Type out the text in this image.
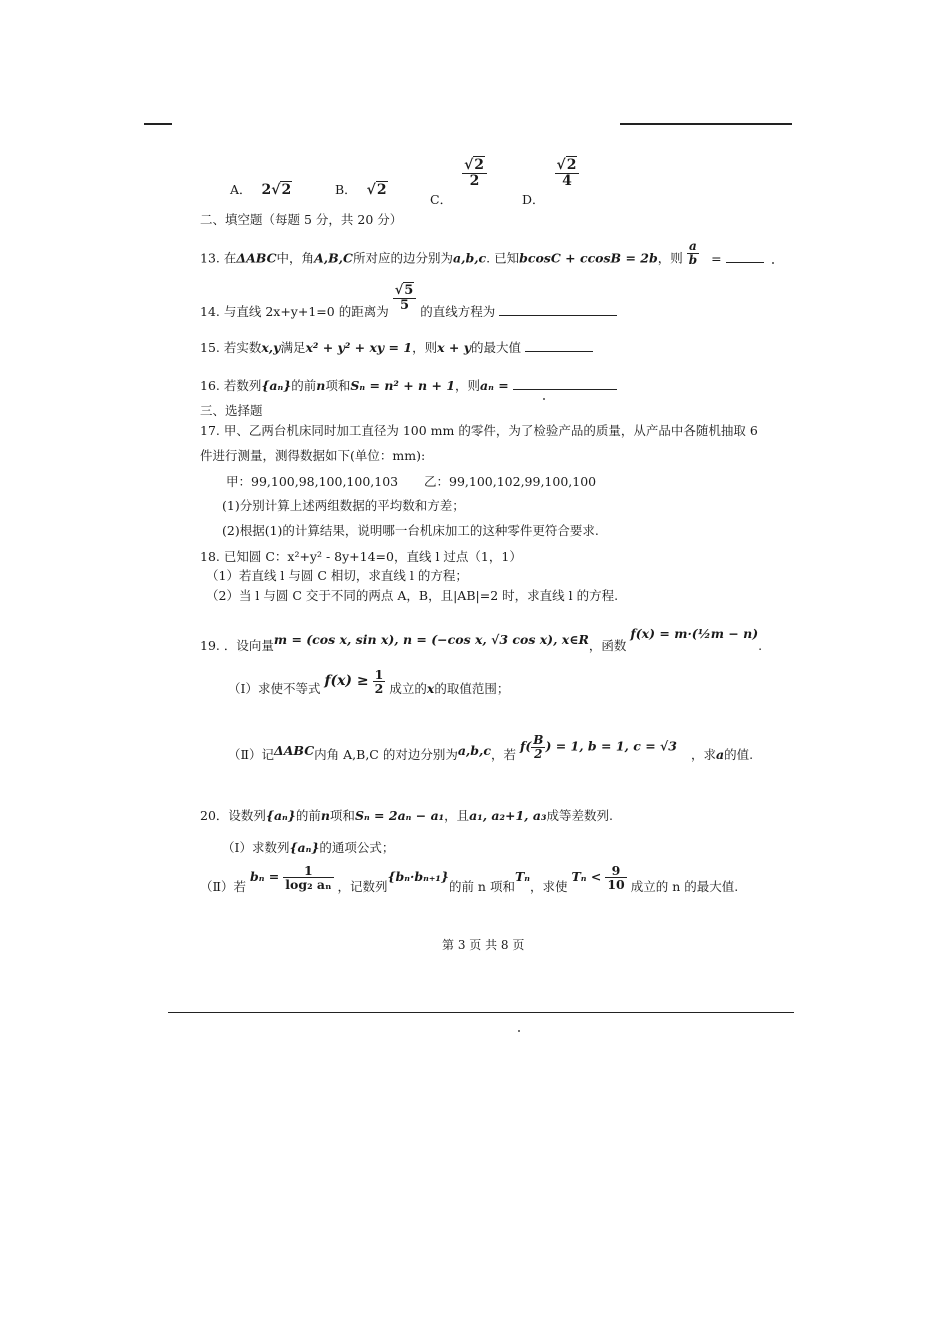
A． 2√2	B． √2
C．
$\frac{√2}{2}$
D．
$\frac{√2}{4}$
二、填空题（每题 5 分，共 20 分）
13. 在ΔABC中，角A,B,C所对应的边分别为a,b,c. 已知bcosC + ccosB = 2b，则 $\frac{a}{b}$ =
14. 与直线 2x+y+1=0 的距离为 $\frac{√5}{5}$ 的直线方程为
15. 若实数x,y满足x² + y² + xy = 1，则x + y的最大值
16. 若数列{aₙ}的前n项和Sₙ = n² + n + 1，则aₙ =
三、选择题
17. 甲、乙两台机床同时加工直径为 100 mm 的零件，为了检验产品的质量，从产品中各随机抽取 6
件进行测量，测得数据如下(单位：mm):
甲：99,100,98,100,100,103 乙：99,100,102,99,100,100
(1)分别计算上述两组数据的平均数和方差；
(2)根据(1)的计算结果，说明哪一台机床加工的这种零件更符合要求.
18. 已知圆 C：x²+y² - 8y+14=0，直线 l 过点（1，1）
（1）若直线 l 与圆 C 相切，求直线 l 的方程；
（2）当 l 与圆 C 交于不同的两点 A，B，且|AB|=2 时，求直线 l 的方程.
19. ．设向量m = (cos x, sin x), n = (−cos x, √3 cos x), x∈R，函数 f(x) = m·(½m − n).
（Ⅰ）求使不等式 $f(x) \ge \frac{1}{2}$ 成立的x的取值范围；
（Ⅱ）记ΔABC内角 A,B,C 的对边分别为a,b,c，若 $f( \frac{B}{2}$ ) = 1, b = 1, c = √3 ，求a的值.
20．设数列{aₙ}的前n项和Sₙ = 2aₙ − a₁，且a₁, a₂+1, a₃成等差数列.
（Ⅰ）求数列{aₙ}的通项公式；
（Ⅱ）若 $b_n = \frac{1}{\text{log₂ aₙ}}$ ，记数列{bₙ·bₙ₊₁}的前 n 项和Tₙ，求使 $T_n < \frac{9}{10}$ 成立的 n 的最大值.
第 3 页 共 8 页
